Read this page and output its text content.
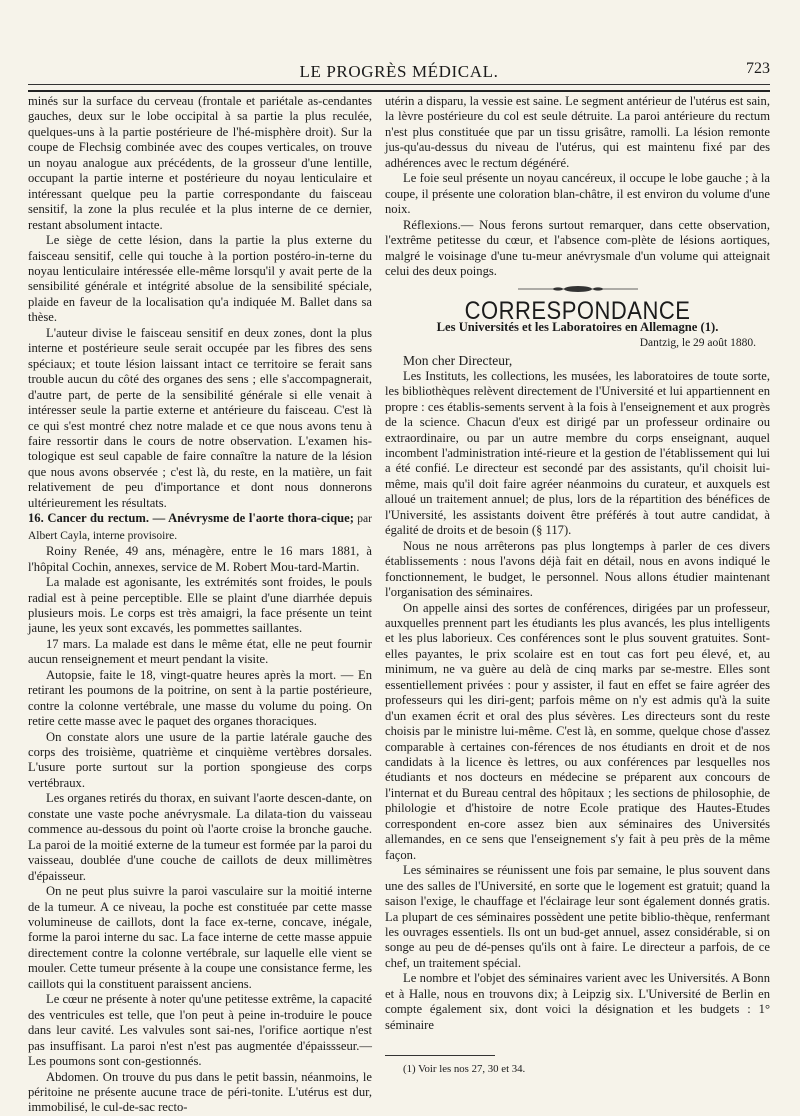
LE PROGRÈS MÉDICAL.	723

minés sur la surface du cerveau (frontale et pariétale as-cendantes gauches, deux sur le lobe occipital à sa partie la plus reculée, quelques-uns à la partie postérieure de l'hé-misphère droit). Sur la coupe de Flechsig combinée avec des coupes verticales, on trouve un noyau analogue aux précédents, de la grosseur d'une lentille, occupant la partie interne et postérieure du noyau lenticulaire et intéressant quelque peu la partie correspondante du faisceau sensitif, la zone la plus reculée et la plus interne de ce dernier, restant absolument intacte.

Le siège de cette lésion, dans la partie la plus externe du faisceau sensitif, celle qui touche à la portion postéro-in-terne du noyau lenticulaire intéressée elle-même lorsqu'il y avait perte de la sensibilité générale et intégrité absolue de la sensibilité spéciale, plaide en faveur de la localisation qu'a indiquée M. Ballet dans sa thèse.

L'auteur divise le faisceau sensitif en deux zones, dont la plus interne et postérieure seule serait occupée par les fibres des sens spéciaux; et toute lésion laissant intact ce territoire se ferait sans trouble aucun du côté des organes des sens ; elle s'accompagnerait, d'autre part, de perte de la sensibilité générale si elle venait à intéresser seule la partie externe et antérieure du faisceau. C'est là ce qui s'est montré chez notre malade et ce que nous avons tenu à faire ressortir dans le cours de notre observation. L'examen his-tologique est seul capable de faire connaître la nature de la lésion que nous avons observée ; c'est là, du reste, en la matière, un fait relativement de peu d'importance et dont nous donnerons ultérieurement les résultats.

16. Cancer du rectum. — Anévrysme de l'aorte thora-cique; par Albert Cayla, interne provisoire.

Roiny Renée, 49 ans, ménagère, entre le 16 mars 1881, à l'hôpital Cochin, annexes, service de M. Robert Mou-tard-Martin.

La malade est agonisante, les extrémités sont froides, le pouls radial est à peine perceptible. Elle se plaint d'une diarrhée depuis plusieurs mois. Le corps est très amaigri, la face présente un teint jaune, les yeux sont excavés, les pommettes saillantes.

17 mars. La malade est dans le même état, elle ne peut fournir aucun renseignement et meurt pendant la visite.

Autopsie, faite le 18, vingt-quatre heures après la mort. — En retirant les poumons de la poitrine, on sent à la partie postérieure, contre la colonne vertébrale, une masse du volume du poing. On retire cette masse avec le paquet des organes thoraciques.

On constate alors une usure de la partie latérale gauche des corps des troisième, quatrième et cinquième vertèbres dorsales. L'usure porte surtout sur la portion spongieuse des corps vertébraux.

Les organes retirés du thorax, en suivant l'aorte descen-dante, on constate une vaste poche anévrysmale. La dilata-tion du vaisseau commence au-dessous du point où l'aorte croise la bronche gauche. La paroi de la moitié externe de la tumeur est formée par la paroi du vaisseau, doublée d'une couche de caillots de deux millimètres d'épaisseur.

On ne peut plus suivre la paroi vasculaire sur la moitié interne de la tumeur. A ce niveau, la poche est constituée par cette masse volumineuse de caillots, dont la face ex-terne, concave, inégale, forme la paroi interne du sac. La face interne de cette masse appuie directement contre la colonne vertébrale, sur laquelle elle vient se mouler. Cette tumeur présente à la coupe une consistance ferme, les caillots qui la constituent paraissent anciens.

Le cœur ne présente à noter qu'une petitesse extrême, la capacité des ventricules est telle, que l'on peut à peine in-troduire le pouce dans leur cavité. Les valvules sont sai-nes, l'orifice aortique n'est pas insuffisant. La paroi n'est n'est pas augmentée d'épaissseur.— Les poumons sont con-gestionnés.

Abdomen. On trouve du pus dans le petit bassin, néanmoins, le péritoine ne présente aucune trace de péri-tonite. L'utérus est dur, immobilisé, le cul-de-sac recto-

utérin a disparu, la vessie est saine. Le segment antérieur de l'utérus est sain, la lèvre postérieure du col est seule détruite. La paroi antérieure du rectum n'est plus constituée que par un tissu grisâtre, ramolli. La lésion remonte jus-qu'au-dessus du niveau de l'utérus, qui est maintenu fixé par des adhérences avec le rectum dégénéré.

Le foie seul présente un noyau cancéreux, il occupe le lobe gauche ; à la coupe, il présente une coloration blan-châtre, il est environ du volume d'une noix.

Réflexions.— Nous ferons surtout remarquer, dans cette observation, l'extrême petitesse du cœur, et l'absence com-plète de lésions aortiques, malgré le voisinage d'une tu-meur anévrysmale d'un volume qui atteignait celui des deux poings.

CORRESPONDANCE
Les Universités et les Laboratoires en Allemagne (1).
Dantzig, le 29 août 1880.

Mon cher Directeur,

Les Instituts, les collections, les musées, les laboratoires de toute sorte, les bibliothèques relèvent directement de l'Université et lui appartiennent en propre : ces établis-sements servent à la fois à l'enseignement et aux progrès de la science. Chacun d'eux est dirigé par un professeur ordinaire ou extraordinaire, ou par un autre membre du corps enseignant, auquel incombent l'administration inté-rieure et la gestion de l'établissement qui lui a été confié. Le directeur est secondé par des assistants, qu'il choisit lui-même, mais qu'il doit faire agréer néanmoins du curateur, et auxquels est alloué un traitement annuel; de plus, lors de la répartition des bénéfices de l'Université, les assistants doivent être préférés à tout autre candidat, à égalité de droits et de besoin (§ 117).

Nous ne nous arrêterons pas plus longtemps à parler de ces divers établissements : nous l'avons déjà fait en détail, nous en avons indiqué le fonctionnement, le budget, le personnel. Nous allons étudier maintenant l'organisation des séminaires.

On appelle ainsi des sortes de conférences, dirigées par un professeur, auxquelles prennent part les étudiants les plus avancés, les plus intelligents et les plus laborieux. Ces conférences sont le plus souvent gratuites. Sont-elles payantes, le prix scolaire est en tout cas fort peu élevé, et, au minimum, ne va guère au delà de cinq marks par se-mestre. Elles sont essentiellement privées : pour y assister, il faut en effet se faire agréer des professeurs qui les diri-gent; parfois même on n'y est admis qu'à la suite d'un examen écrit et oral des plus sévères. Les directeurs sont du reste choisis par le ministre lui-même. C'est là, en somme, quelque chose d'assez comparable à certaines con-férences de nos étudiants en droit et de nos candidats à la licence ès lettres, ou aux conférences par lesquelles nos étudiants et nos docteurs en médecine se préparent aux concours de l'internat et du Bureau central des hôpitaux ; les sections de philosophie, de philologie et d'histoire de notre Ecole pratique des Hautes-Etudes correspondent en-core assez bien aux séminaires des Universités allemandes, en ce sens que l'enseignement s'y fait à peu près de la même façon.

Les séminaires se réunissent une fois par semaine, le plus souvent dans une des salles de l'Université, en sorte que le logement est gratuit; quand la saison l'exige, le chauffage et l'éclairage leur sont également donnés gratis. La plupart de ces séminaires possèdent une petite biblio-thèque, renfermant les ouvrages essentiels. Ils ont un bud-get annuel, assez considérable, si on songe au peu de dé-penses qu'ils ont à faire. Le directeur a parfois, de ce chef, un traitement spécial.

Le nombre et l'objet des séminaires varient avec les Universités. A Bonn et à Halle, nous en trouvons dix; à Leipzig six. L'Université de Berlin en compte également six, dont voici la désignation et les budgets : 1° séminaire

(1) Voir les nos 27, 30 et 34.
